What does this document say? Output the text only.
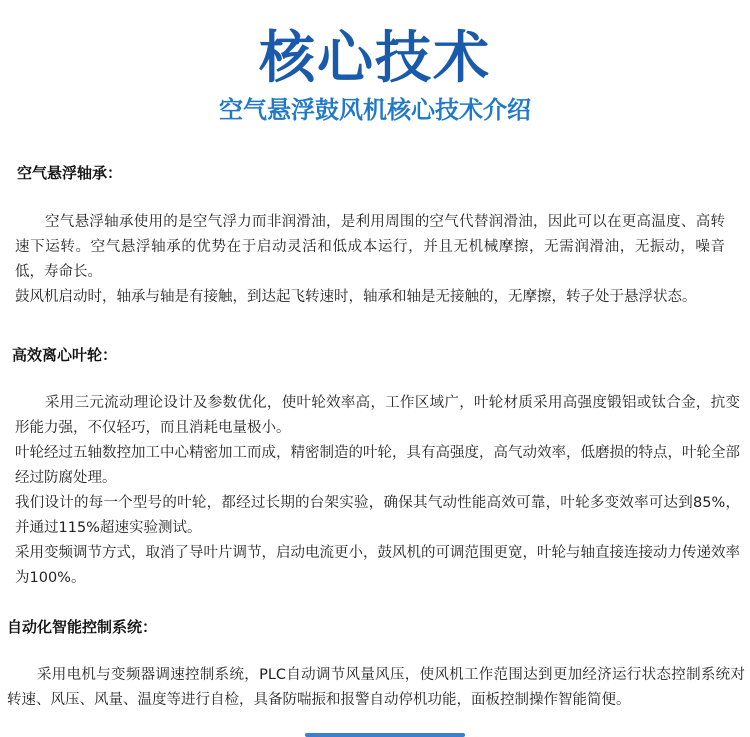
核心技术
空气悬浮鼓风机核心技术介绍
空气悬浮轴承：

空气悬浮轴承使用的是空气浮力而非润滑油，是利用周围的空气代替润滑油，因此可以在更高温度、高转速下运转。空气悬浮轴承的优势在于启动灵活和低成本运行，并且无机械摩擦，无需润滑油，无振动，噪音低，寿命长。

鼓风机启动时，轴承与轴是有接触，到达起飞转速时，轴承和轴是无接触的，无摩擦，转子处于悬浮状态。

高效离心叶轮：

采用三元流动理论设计及参数优化，使叶轮效率高，工作区域广，叶轮材质采用高强度锻铝或钛合金，抗变形能力强，不仅轻巧，而且消耗电量极小。

叶轮经过五轴数控加工中心精密加工而成，精密制造的叶轮，具有高强度，高气动效率，低磨损的特点，叶轮全部经过防腐处理。

我们设计的每一个型号的叶轮，都经过长期的台架实验，确保其气动性能高效可靠，叶轮多变效率可达到85%，并通过115%超速实验测试。

采用变频调节方式，取消了导叶片调节，启动电流更小，鼓风机的可调范围更宽，叶轮与轴直接连接动力传递效率为100%。

自动化智能控制系统：

采用电机与变频器调速控制系统，PLC自动调节风量风压，使风机工作范围达到更加经济运行状态控制系统对转速、风压、风量、温度等进行自检，具备防喘振和报警自动停机功能，面板控制操作智能简便。
